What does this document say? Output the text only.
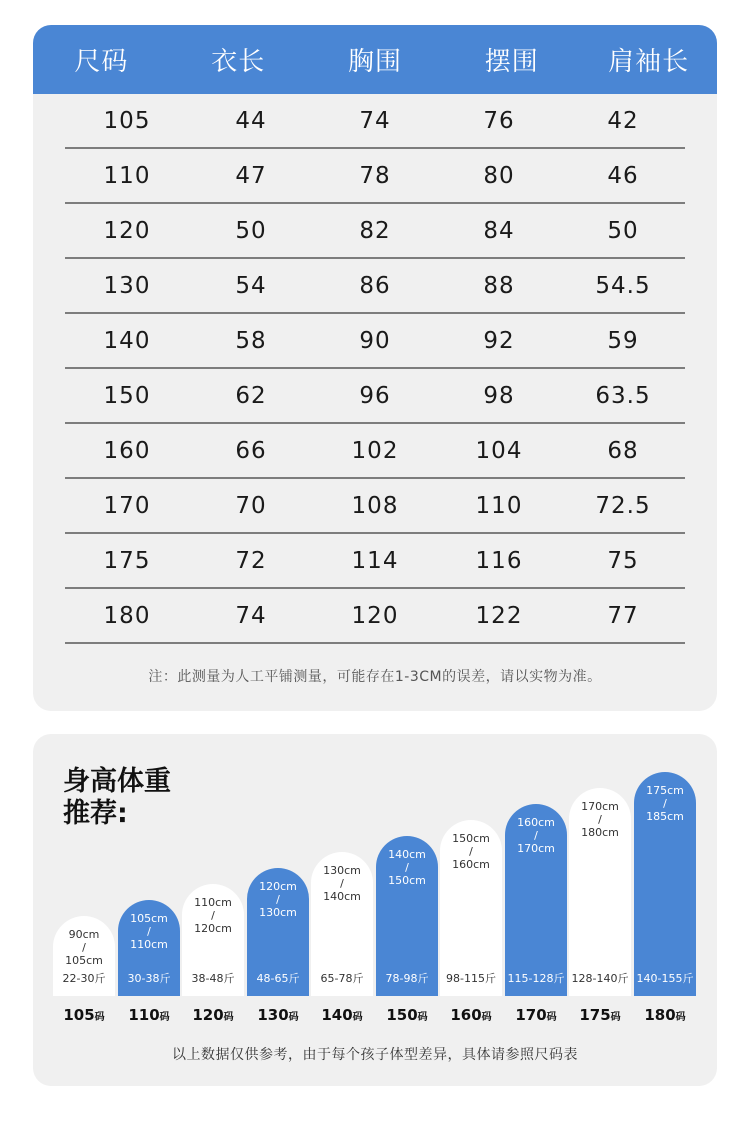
尺码	衣长	胸围	摆围	肩袖长
105	44	74	76	42
110	47	78	80	46
120	50	82	84	50
130	54	86	88	54.5
140	58	90	92	59
150	62	96	98	63.5
160	66	102	104	68
170	70	108	110	72.5
175	72	114	116	75
180	74	120	122	77
注：此测量为人工平铺测量，可能存在1-3CM的误差，请以实物为准。
身高体重
推荐:
90cm
/
105cm
22-30斤
105cm
/
110cm
30-38斤
110cm
/
120cm
38-48斤
120cm
/
130cm
48-65斤
130cm
/
140cm
65-78斤
140cm
/
150cm
78-98斤
150cm
/
160cm
98-115斤
160cm
/
170cm
115-128斤
170cm
/
180cm
128-140斤
175cm
/
185cm
140-155斤
105码	110码	120码	130码	140码	150码	160码	170码	175码	180码
以上数据仅供参考，由于每个孩子体型差异，具体请参照尺码表
